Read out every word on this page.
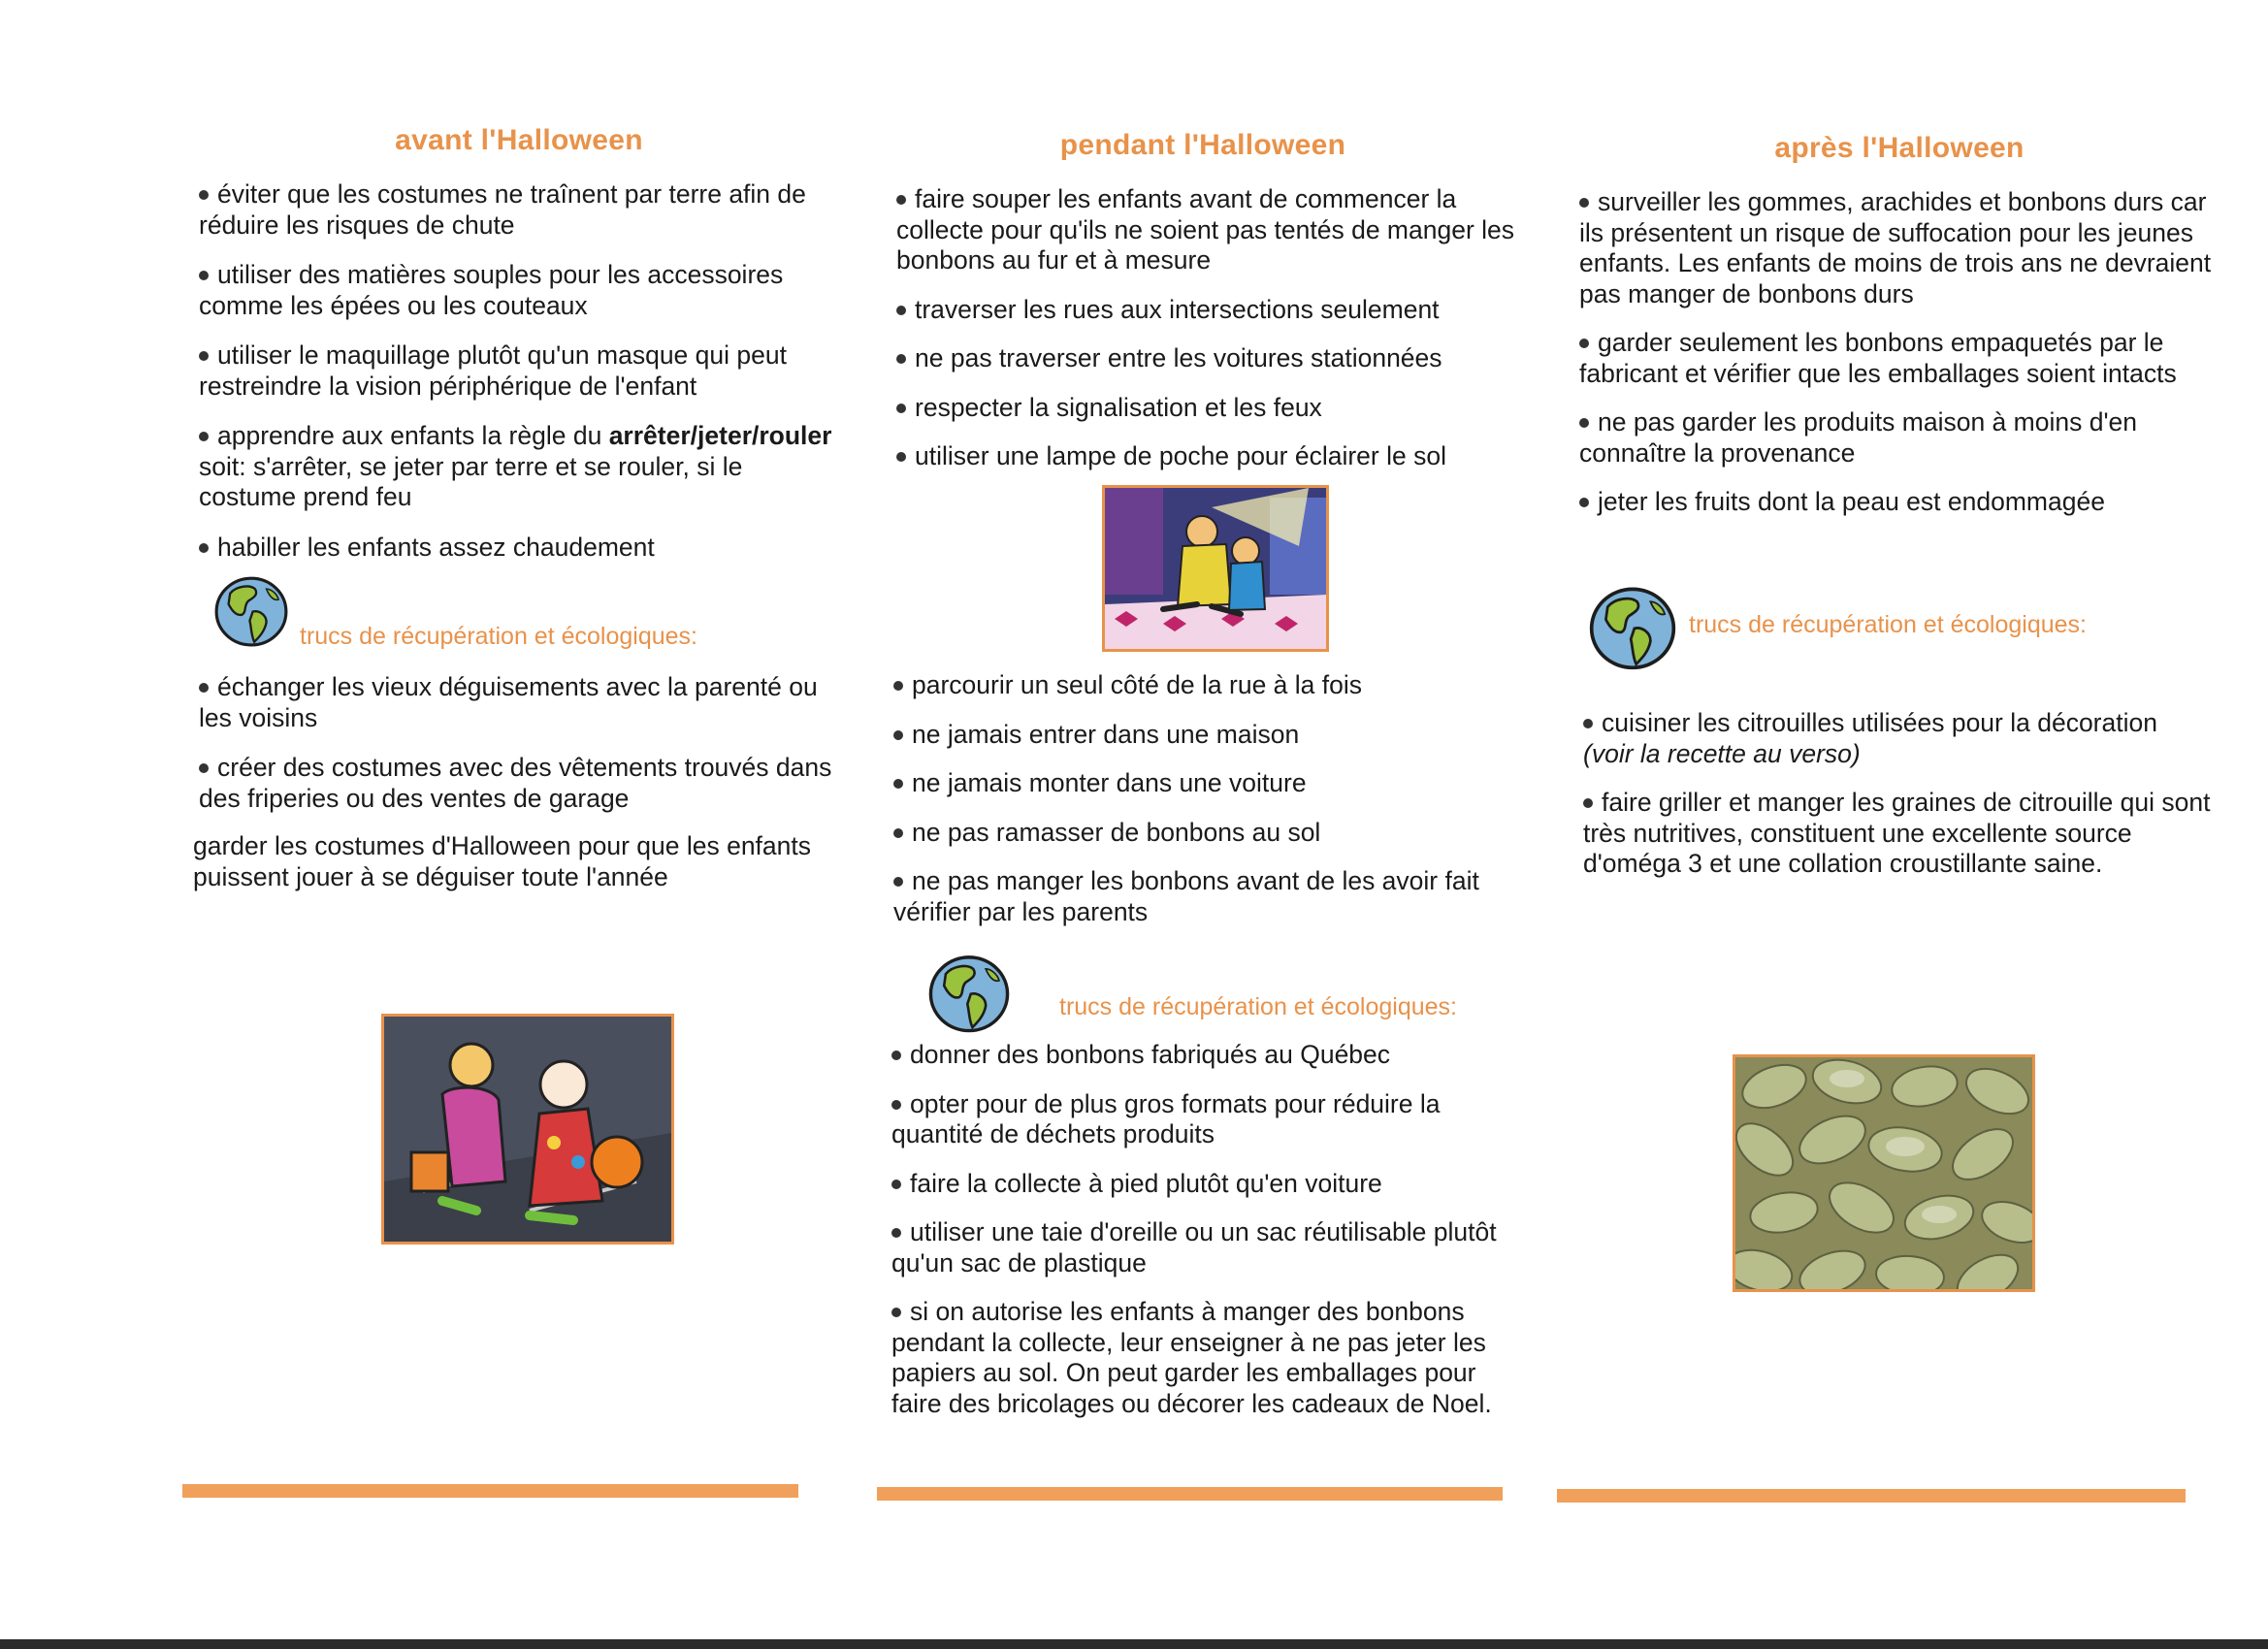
avant l'Halloween

éviter que les costumes ne traînent par terre afin de réduire les risques de chute

utiliser des matières souples pour les accessoires comme les épées ou les couteaux

utiliser le maquillage plutôt qu'un masque qui peut restreindre la vision périphérique de l'enfant

apprendre aux enfants la règle du arrêter/jeter/rouler soit: s'arrêter, se jeter par terre et se rouler, si le costume prend feu

habiller les enfants assez chaudement

trucs de récupération et écologiques:

échanger les vieux déguisements avec la parenté ou les voisins

créer des costumes avec des vêtements trouvés dans des friperies ou des ventes de garage

garder les costumes d'Halloween pour que les enfants puissent jouer à se déguiser toute l'année

pendant l'Halloween

faire souper les enfants avant de commencer la collecte pour qu'ils ne soient pas tentés de manger les bonbons au fur et à mesure

traverser les rues aux intersections seulement

ne pas traverser entre les voitures stationnées

respecter la signalisation et les feux

utiliser une lampe de poche pour éclairer le sol

parcourir un seul côté de la rue à la fois

ne jamais entrer dans une maison

ne jamais monter dans une voiture

ne pas ramasser de bonbons au sol

ne pas manger les bonbons avant de les avoir fait vérifier par les parents

trucs de récupération et écologiques:

donner des bonbons fabriqués au Québec

opter pour de plus gros formats pour réduire la quantité de déchets produits

faire la collecte à pied plutôt qu'en voiture

utiliser une taie d'oreille ou un sac réutilisable plutôt qu'un sac de plastique

si on autorise les enfants à manger des bonbons pendant la collecte, leur enseigner à ne pas jeter les papiers au sol. On peut garder les emballages pour faire des bricolages ou décorer les cadeaux de Noel.

après l'Halloween

surveiller les gommes, arachides et bonbons durs car ils présentent un risque de suffocation pour les jeunes enfants. Les enfants de moins de trois ans ne devraient pas manger de bonbons durs

garder seulement les bonbons empaquetés par le fabricant et vérifier que les emballages soient intacts

ne pas garder les produits maison à moins d'en connaître la provenance

jeter les fruits dont la peau est endommagée

trucs de récupération et écologiques:

cuisiner les citrouilles utilisées pour la décoration
(voir la recette au verso)

faire griller et manger les graines de citrouille qui sont très nutritives, constituent une excellente source d'oméga 3 et une collation croustillante saine.
